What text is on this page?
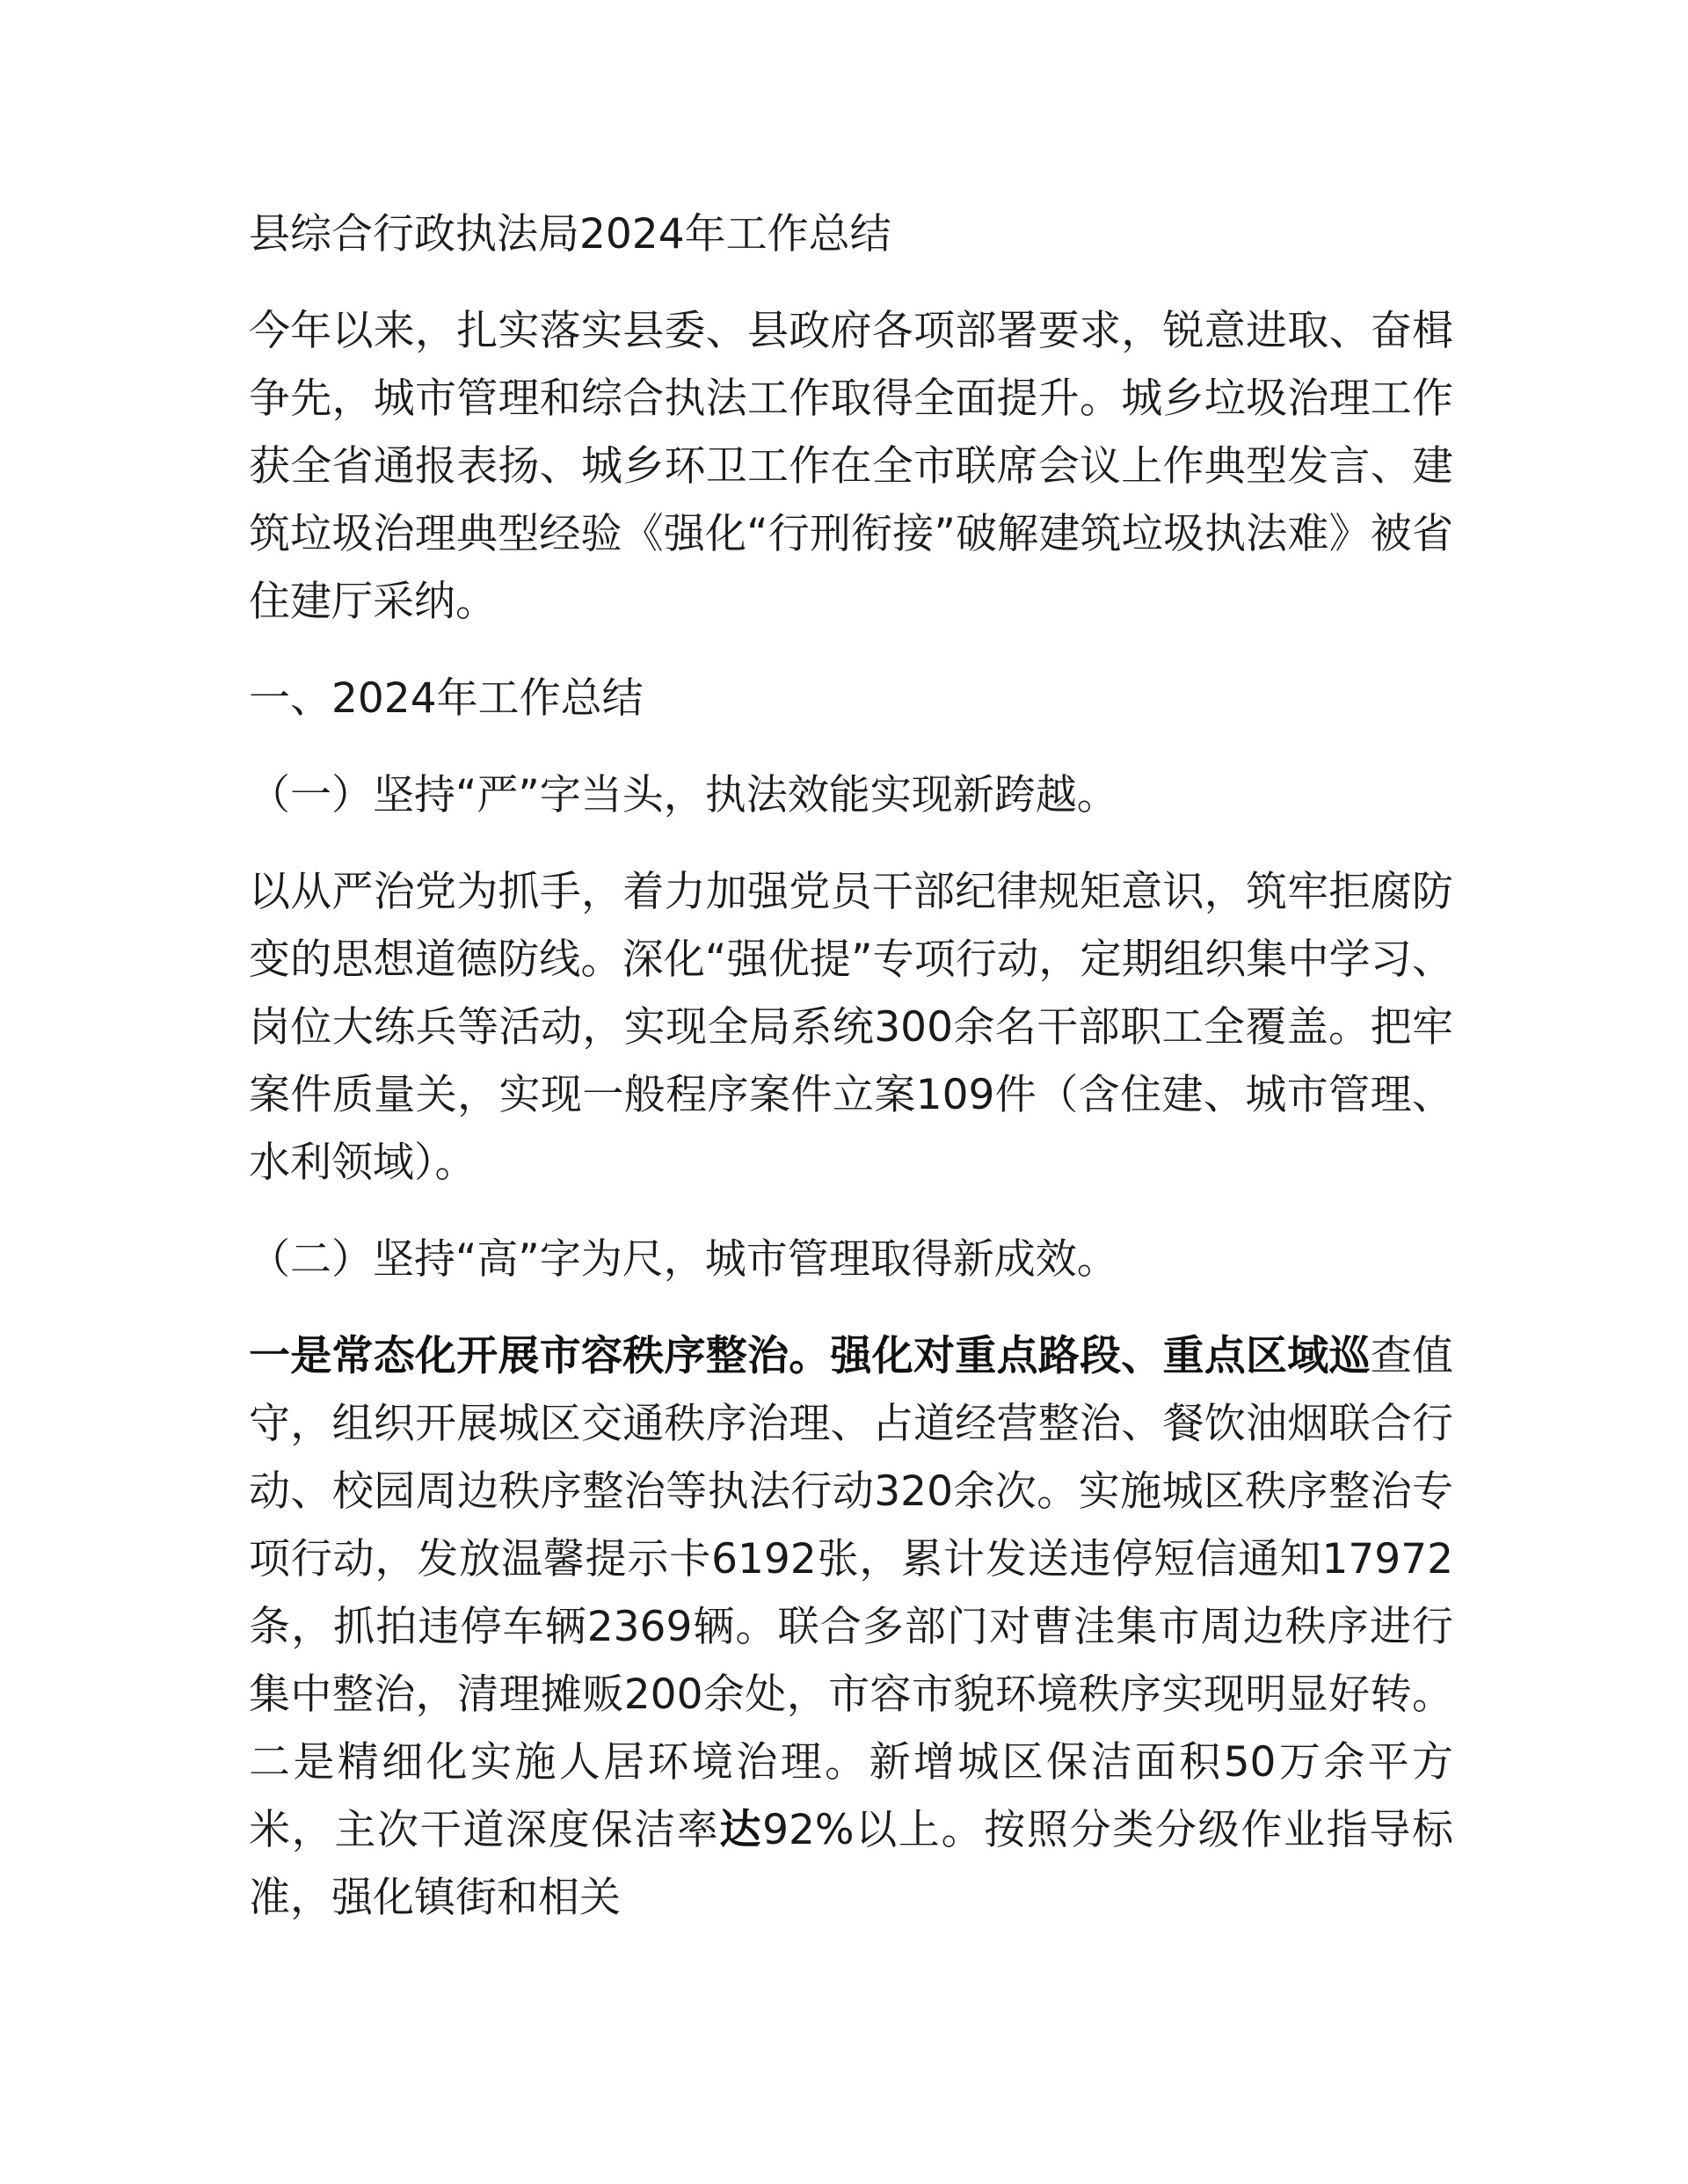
县综合行政执法局2024年工作总结

今年以来，扎实落实县委、县政府各项部署要求，锐意进取、奋楫争先，城市管理和综合执法工作取得全面提升。城乡垃圾治理工作获全省通报表扬、城乡环卫工作在全市联席会议上作典型发言、建筑垃圾治理典型经验《强化“行刑衔接”破解建筑垃圾执法难》被省住建厅采纳。

一、2024年工作总结

（一）坚持“严”字当头，执法效能实现新跨越。

以从严治党为抓手，着力加强党员干部纪律规矩意识，筑牢拒腐防变的思想道德防线。深化“强优提”专项行动，定期组织集中学习、岗位大练兵等活动，实现全局系统300余名干部职工全覆盖。把牢案件质量关，实现一般程序案件立案109件（含住建、城市管理、水利领域）。

（二）坚持“高”字为尺，城市管理取得新成效。

一是常态化开展市容秩序整治。强化对重点路段、重点区域巡查值守，组织开展城区交通秩序治理、占道经营整治、餐饮油烟联合行动、校园周边秩序整治等执法行动320余次。实施城区秩序整治专项行动，发放温馨提示卡6192张，累计发送违停短信通知17972条，抓拍违停车辆2369辆。联合多部门对曹洼集市周边秩序进行集中整治，清理摊贩200余处，市容市貌环境秩序实现明显好转。二是精细化实施人居环境治理。新增城区保洁面积50万余平方米，主次干道深度保洁率达92%以上。按照分类分级作业指导标准，强化镇街和相关
